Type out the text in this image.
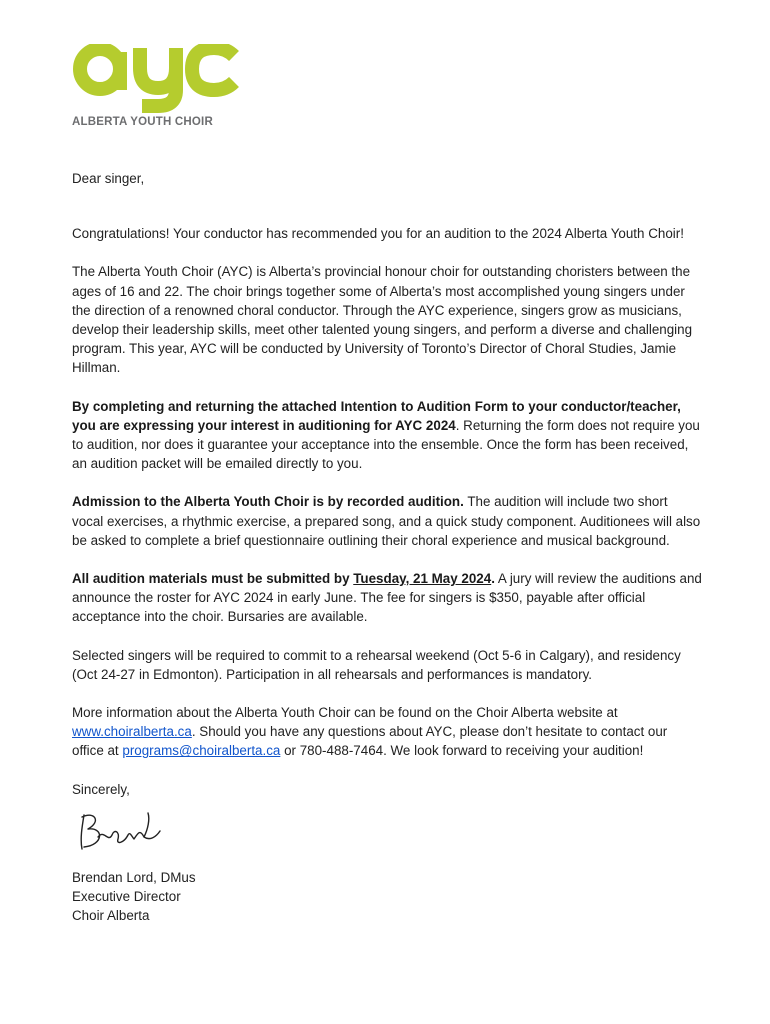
ALBERTA YOUTH CHOIR

Dear singer,

Congratulations! Your conductor has recommended you for an audition to the 2024 Alberta Youth Choir!

The Alberta Youth Choir (AYC) is Alberta’s provincial honour choir for outstanding choristers between the ages of 16 and 22. The choir brings together some of Alberta’s most accomplished young singers under the direction of a renowned choral conductor. Through the AYC experience, singers grow as musicians, develop their leadership skills, meet other talented young singers, and perform a diverse and challenging program. This year, AYC will be conducted by University of Toronto’s Director of Choral Studies, Jamie Hillman.

By completing and returning the attached Intention to Audition Form to your conductor/teacher, you are expressing your interest in auditioning for AYC 2024. Returning the form does not require you to audition, nor does it guarantee your acceptance into the ensemble. Once the form has been received, an audition packet will be emailed directly to you.

Admission to the Alberta Youth Choir is by recorded audition. The audition will include two short vocal exercises, a rhythmic exercise, a prepared song, and a quick study component. Auditionees will also be asked to complete a brief questionnaire outlining their choral experience and musical background.

All audition materials must be submitted by Tuesday, 21 May 2024. A jury will review the auditions and announce the roster for AYC 2024 in early June. The fee for singers is $350, payable after official acceptance into the choir. Bursaries are available.

Selected singers will be required to commit to a rehearsal weekend (Oct 5-6 in Calgary), and residency (Oct 24-27 in Edmonton). Participation in all rehearsals and performances is mandatory.

More information about the Alberta Youth Choir can be found on the Choir Alberta website at www.choiralberta.ca. Should you have any questions about AYC, please don’t hesitate to contact our office at programs@choiralberta.ca or 780-488-7464. We look forward to receiving your audition!

Sincerely,

Brendan Lord, DMus
Executive Director
Choir Alberta
